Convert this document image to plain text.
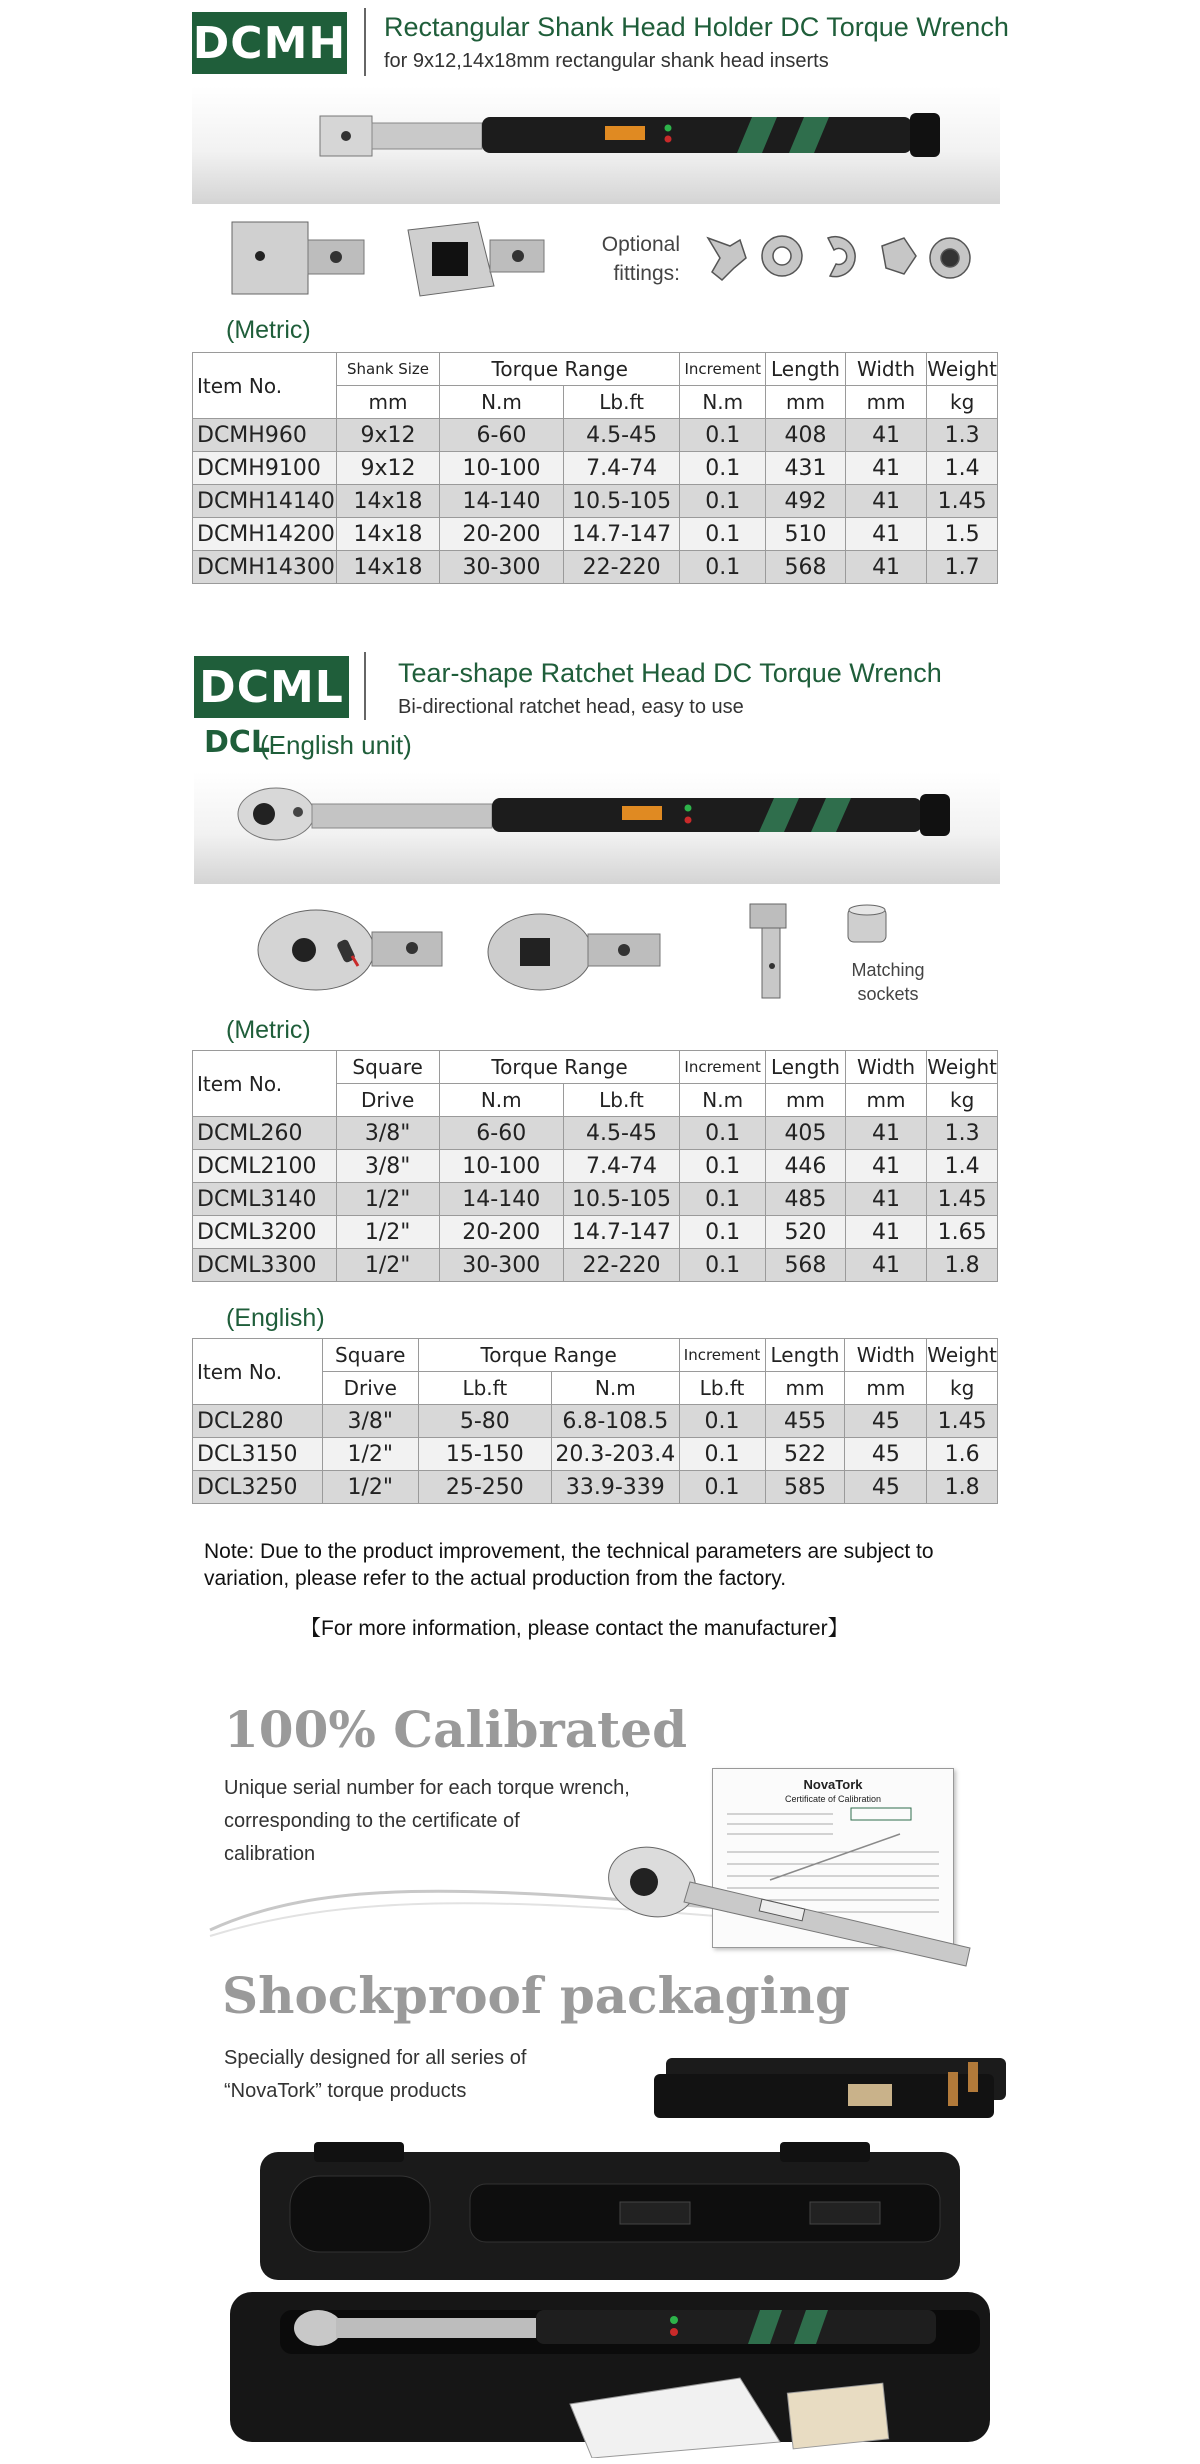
DCMH Rectangular Shank Head Holder DC Torque Wrench
for 9x12,14x18mm rectangular shank head inserts
Optional
fittings:
(Metric)
Item No.	Shank Size	Torque Range		Increment	Length	Width	Weight
	mm	N.m	Lb.ft	N.m	mm	mm	kg
DCMH960	9x12	6-60	4.5-45	0.1	408	41	1.3
DCMH9100	9x12	10-100	7.4-74	0.1	431	41	1.4
DCMH14140	14x18	14-140	10.5-105	0.1	492	41	1.45
DCMH14200	14x18	20-200	14.7-147	0.1	510	41	1.5
DCMH14300	14x18	30-300	22-220	0.1	568	41	1.7
DCML Tear-shape Ratchet Head DC Torque Wrench
Bi-directional ratchet head, easy to use
DCL
(English unit)
Matching
sockets
(Metric)
Item No.	Square	Torque Range		Increment	Length	Width	Weight
	Drive	N.m	Lb.ft	N.m	mm	mm	kg
DCML260	3/8"	6-60	4.5-45	0.1	405	41	1.3
DCML2100	3/8"	10-100	7.4-74	0.1	446	41	1.4
DCML3140	1/2"	14-140	10.5-105	0.1	485	41	1.45
DCML3200	1/2"	20-200	14.7-147	0.1	520	41	1.65
DCML3300	1/2"	30-300	22-220	0.1	568	41	1.8
(English)
Item No.	Square	Torque Range		Increment	Length	Width	Weight
	Drive	Lb.ft	N.m	Lb.ft	mm	mm	kg
DCL280	3/8"	5-80	6.8-108.5	0.1	455	45	1.45
DCL3150	1/2"	15-150	20.3-203.4	0.1	522	45	1.6
DCL3250	1/2"	25-250	33.9-339	0.1	585	45	1.8
Note: Due to the product improvement, the technical parameters are subject to variation, please refer to the actual production from the factory.
【For more information, please contact the manufacturer】
100% Calibrated
Unique serial number for each torque wrench,
corresponding to the certificate of
calibration
NovaTork
Certificate of Calibration
Shockproof packaging
Specially designed for all series of
“NovaTork” torque products
